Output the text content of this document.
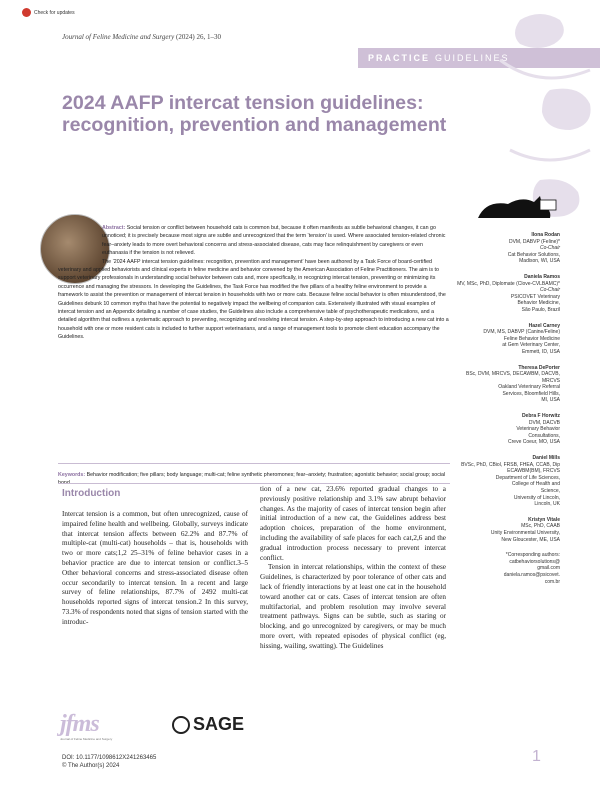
Check for updates
Journal of Feline Medicine and Surgery (2024) 26, 1–30
PRACTICE GUIDELINES
2024 AAFP intercat tension guidelines: recognition, prevention and management

Abstract: Social tension or conflict between household cats is common but, because it often manifests as subtle behavioral changes, it can go unnoticed; it is precisely because most signs are subtle and unrecognized that the term ‘tension’ is used. Where associated tension-related chronic fear–anxiety leads to more overt behavioral concerns and stress-associated disease, cats may face relinquishment by caregivers or even euthanasia if the tension is not relieved.

The ‘2024 AAFP intercat tension guidelines: recognition, prevention and management’ have been authored by a Task Force of board-certified veterinary and applied behaviorists and clinical experts in feline medicine and behavior convened by the American Association of Feline Practitioners. The aim is to support veterinary professionals in understanding social behavior between cats and, more specifically, in recognizing intercat tension, preventing or minimizing its occurrence and managing the stressors. In developing the Guidelines, the Task Force has modified the five pillars of a healthy feline environment to provide a framework to assist the prevention or management of intercat tension in households with two or more cats. Because feline social behavior is often misunderstood, the Guidelines debunk 10 common myths that have the potential to negatively impact the wellbeing of companion cats. Extensively illustrated with visual examples of intercat tension and an Appendix detailing a number of case studies, the Guidelines also include a comprehensive table of psychotherapeutic medications, and a detailed algorithm that outlines a systematic approach to preventing, recognizing and resolving intercat tension. A step-by-step approach to introducing a new cat into a household with one or more resident cats is included to further support veterinarians, and a range of management tools to promote client education accompany the Guidelines.

Keywords: Behavior modification; five pillars; body language; multi-cat; feline synthetic pheromones; fear–anxiety; frustration; agonistic behavior; social group; social
Ilona Rodan
DVM, DABVP (Feline)*
Co-Chair
Cat Behavior Solutions,
Madison, WI, USA
Daniela Ramos
MV, MSc, PhD, Diplomate (Clove-CVLBAMC)*
Co-Chair
PSICOVET Veterinary
Behavior Medicine,
São Paulo, Brazil
Hazel Carney
DVM, MS, DABVP (Canine/Feline)
Feline Behavior Medicine
at Gem Veterinary Center,
Emmett, ID, USA
Theresa DePorter
BSc, DVM, MRCVS, DECAWBM, DACVB, MRCVS
Oakland Veterinary Referral
Services, Bloomfield Hills,
MI, USA
Debra F Horwitz
DVM, DACVB
Veterinary Behavior
Consultations,
Creve Coeur, MO, USA
Daniel Mills
BVSc, PhD, CBiol, FRSB, FHEA, CCAB, Dip ECAWBM(BM), FRCVS
Department of Life Sciences,
College of Health and
Science,
University of Lincoln,
Lincoln, UK
Kristyn Vitale
MSc, PhD, CAAB
Unity Environmental University,
New Gloucester, ME, USA
*Corresponding authors:
catbehaviorsolutions@
gmail.com
daniela.ramos@psicovet.
com.br
Introduction

Intercat tension is a common, but often unrecognized, cause of impaired feline health and wellbeing. Globally, surveys indicate that intercat tension affects between 62.2% and 87.7% of multiple-cat (multi-cat) households – that is, households with two or more cats;1,2 25–31% of feline behavior cases in a behavior practice are due to intercat tension or conflict.3–5 Other behavioral concerns and stress-associated disease often occur secondarily to intercat tension. In a recent and large survey of feline relationships, 87.7% of 2492 multi-cat households reported signs of intercat tension.2 In this survey, 73.3% of respondents noted that signs of tension started with the introduc-

tion of a new cat, 23.6% reported gradual changes to a previously positive relationship and 3.1% saw abrupt behavior changes. As the majority of cases of intercat tension begin after initial introduction of a new cat, the Guidelines address best adoption choices, preparation of the home environment, including the availability of safe places for each cat,2,6 and the gradual introduction process necessary to prevent intercat conflict.

Tension in intercat relationships, within the context of these Guidelines, is characterized by poor tolerance of other cats and lack of friendly interactions by at least one cat in the household toward another cat or cats. Cases of intercat tension are often multifactorial, and problem resolution may involve several treatment pathways. Signs can be subtle, such as staring or blocking, and go unrecognized by caregivers, or may be much more overt, with repeated episodes of physical conflict (eg, hissing, wailing, swatting). The Guidelines

jfms
Journal of Feline Medicine and Surgery
SAGE
DOI: 10.1177/1098612X241263465
© The Author(s) 2024
1
